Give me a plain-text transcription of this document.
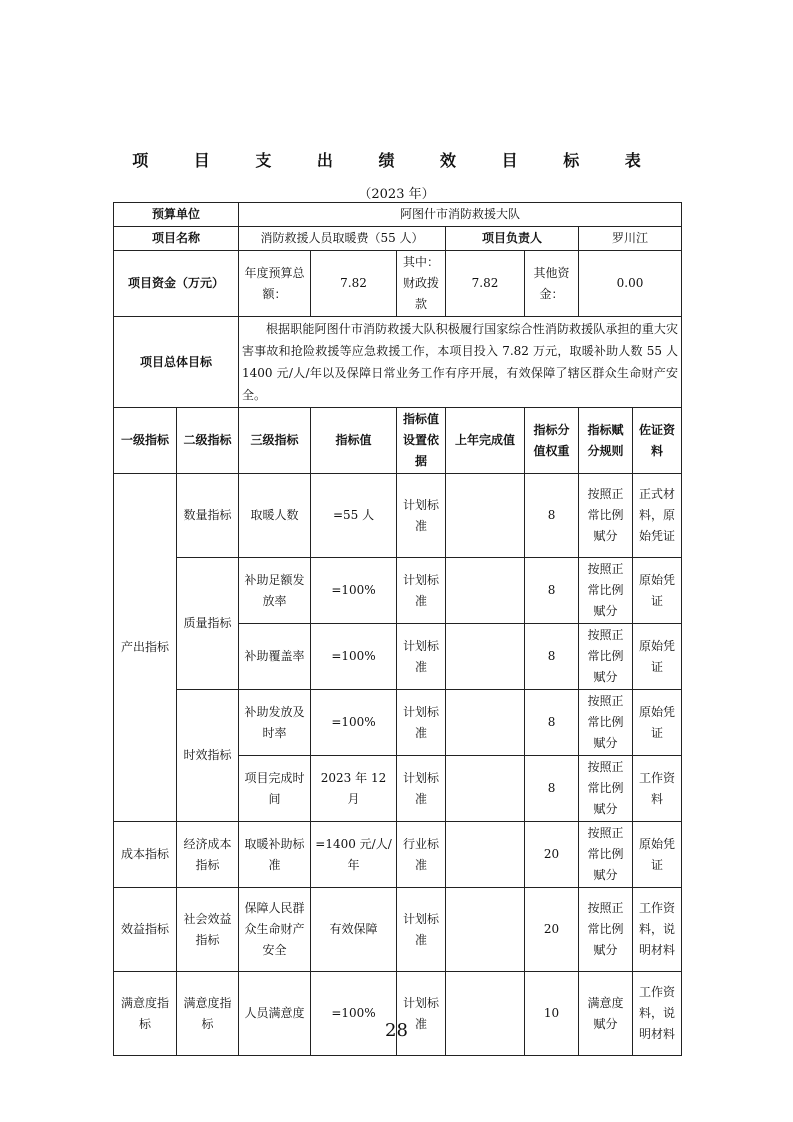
项 目 支 出 绩 效 目 标 表
（2023 年）
预算单位		阿图什市消防救援大队						
项目名称		消防救援人员取暖费（55 人）			项目负责人		罗川江	
项目资金（万元）		年度预算总额：	7.82	其中：财政拨款	7.82	其他资金：	0.00	
项目总体目标		根据职能阿图什市消防救援大队积极履行国家综合性消防救援队承担的重大灾害事故和抢险救援等应急救援工作，本项目投入 7.82 万元，取暖补助人数 55 人 1400 元/人/年以及保障日常业务工作有序开展，有效保障了辖区群众生命财产安全。						
一级指标	二级指标	三级指标	指标值	指标值设置依据	上年完成值	指标分值权重	指标赋分规则	佐证资料
产出指标	数量指标	取暖人数	=55 人	计划标准		8	按照正常比例赋分	正式材料，原始凭证
	质量指标	补助足额发放率	=100%	计划标准		8	按照正常比例赋分	原始凭证
		补助覆盖率	=100%	计划标准		8	按照正常比例赋分	原始凭证
	时效指标	补助发放及时率	=100%	计划标准		8	按照正常比例赋分	原始凭证
		项目完成时间	2023 年 12 月	计划标准		8	按照正常比例赋分	工作资料
成本指标	经济成本指标	取暖补助标准	=1400 元/人/年	行业标准		20	按照正常比例赋分	原始凭证
效益指标	社会效益指标	保障人民群众生命财产安全	有效保障	计划标准		20	按照正常比例赋分	工作资料，说明材料
满意度指标	满意度指标	人员满意度	=100%	计划标准		10	满意度赋分	工作资料，说明材料
28
